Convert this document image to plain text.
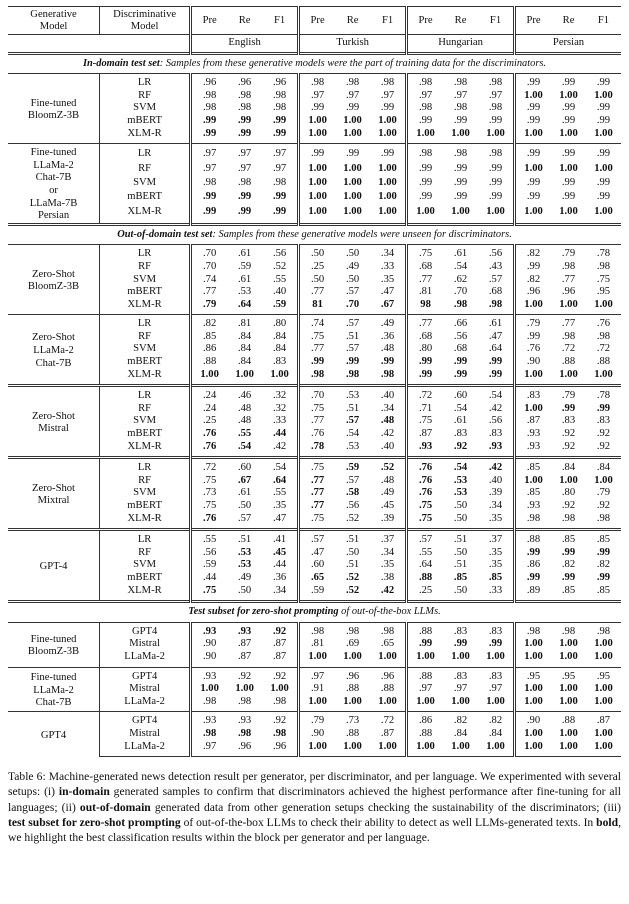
Generative
Model

Discriminative
Model
	Pre	Re	F1	Pre	Re	F1	Pre	Re	F1	Pre	Re	F1
		English			Turkish			Hungarian			Persian		
In-domain test set: Samples from these generative models were the part of training data for the discriminators.													

Fine-tuned
BloomZ-3B	LR	.96	.96	.96	.98	.98	.98	.98	.98	.98	.99	.99	.99
	RF	.98	.98	.98	.97	.97	.97	.97	.97	.97	1.00	1.00	1.00
	SVM	.98	.98	.98	.99	.99	.99	.98	.98	.98	.99	.99	.99
	mBERT	.99	.99	.99	1.00	1.00	1.00	.99	.99	.99	.99	.99	.99
	XLM-R	.99	.99	.99	1.00	1.00	1.00	1.00	1.00	1.00	1.00	1.00	1.00

Fine-tuned
LLaMa-2
Chat-7B
or
LLaMa-7B
Persian
	LR	.97	.97	.97	.99	.99	.99	.98	.98	.98	.99	.99	.99
	RF	.97	.97	.97	1.00	1.00	1.00	.99	.99	.99	1.00	1.00	1.00
	SVM	.98	.98	.98	1.00	1.00	1.00	.99	.99	.99	.99	.99	.99
	mBERT	.99	.99	.99	1.00	1.00	1.00	.99	.99	.99	.99	.99	.99
	XLM-R	.99	.99	.99	1.00	1.00	1.00	1.00	1.00	1.00	1.00	1.00	1.00
Out-of-domain test set: Samples from these generative models were unseen for discriminators.													

Zero-Shot
BloomZ-3B	LR	.70	.61	.56	.50	.50	.34	.75	.61	.56	.82	.79	.78
	RF	.70	.59	.52	.25	.49	.33	.68	.54	.43	.99	.98	.98
	SVM	.74	.61	.55	.50	.50	.35	.77	.62	.57	.82	.77	.75
	mBERT	.77	.53	.40	.77	.57	.47	.81	.70	.68	.96	.96	.95
	XLM-R	.79	.64	.59	81	.70	.67	98	.98	.98	1.00	1.00	1.00

Zero-Shot
LLaMa-2
Chat-7B	LR	.82	.81	.80	.74	.57	.49	.77	.66	.61	.79	.77	.76
	RF	.85	.84	.84	.75	.51	.36	.68	.56	.47	.99	.98	.98
	SVM	.86	.84	.84	.77	.57	.48	.80	.68	.64	.76	.72	.72
	mBERT	.88	.84	.83	.99	.99	.99	.99	.99	.99	.90	.88	.88
	XLM-R	1.00	1.00	1.00	.98	.98	.98	.99	.99	.99	1.00	1.00	1.00

Zero-Shot
Mistral	LR	.24	.46	.32	.70	.53	.40	.72	.60	.54	.83	.79	.78
	RF	.24	.48	.32	.75	.51	.34	.71	.54	.42	1.00	.99	.99
	SVM	.25	.48	.33	.77	.57	.48	.75	.61	.56	.87	.83	.83
	mBERT	.76	.55	.44	.76	.54	.42	.87	.83	.83	.93	.92	.92
	XLM-R	.76	.54	.42	.78	.53	.40	.93	.92	.93	.93	.92	.92

Zero-Shot
Mixtral	LR	.72	.60	.54	.75	.59	.52	.76	.54	.42	.85	.84	.84
	RF	.75	.67	.64	.77	.57	.48	.76	.53	.40	1.00	1.00	1.00
	SVM	.73	.61	.55	.77	.58	.49	.76	.53	.39	.85	.80	.79
	mBERT	.75	.50	.35	.77	.56	.45	.75	.50	.34	.93	.92	.92
	XLM-R	.76	.57	.47	.75	.52	.39	.75	.50	.35	.98	.98	.98

GPT-4	LR	.55	.51	.41	.57	.51	.37	.57	.51	.37	.88	.85	.85
	RF	.56	.53	.45	.47	.50	.34	.55	.50	.35	.99	.99	.99
	SVM	.59	.53	.44	.60	.51	.35	.64	.51	.35	.86	.82	.82
	mBERT	.44	.49	.36	.65	.52	.38	.88	.85	.85	.99	.99	.99
	XLM-R	.75	.50	.34	.59	.52	.42	.25	.50	.33	.89	.85	.85
Test subset for zero-shot prompting of out-of-the-box LLMs.													

Fine-tuned
BloomZ-3B	GPT4	.93	.93	.92	.98	.98	.98	.88	.83	.83	.98	.98	.98
	Mistral	.90	.87	.87	.81	.69	.65	.99	.99	.99	1.00	1.00	1.00
	LLaMa-2	.90	.87	.87	1.00	1.00	1.00	1.00	1.00	1.00	1.00	1.00	1.00

Fine-tuned
LLaMa-2
Chat-7B	GPT4	.93	.92	.92	.97	.96	.96	.88	.83	.83	.95	.95	.95
	Mistral	1.00	1.00	1.00	.91	.88	.88	.97	.97	.97	1.00	1.00	1.00
	LLaMa-2	.98	.98	.98	1.00	1.00	1.00	1.00	1.00	1.00	1.00	1.00	1.00

GPT4	GPT4	.93	.93	.92	.79	.73	.72	.86	.82	.82	.90	.88	.87
	Mistral	.98	.98	.98	.90	.88	.87	.88	.84	.84	1.00	1.00	1.00
	LLaMa-2	.97	.96	.96	1.00	1.00	1.00	1.00	1.00	1.00	1.00	1.00	1.00
Table 6: Machine-generated news detection result per generator, per discriminator, and per language. We experimented with several setups: (i) in-domain generated samples to confirm that discriminators achieved the highest performance after fine-tuning for all languages; (ii) out-of-domain generated data from other generation setups checking the sustainability of the discriminators; (iii) test subset for zero-shot prompting of out-of-the-box LLMs to check their ability to detect as well LLMs-generated texts. In bold, we highlight the best classification results within the block per generator and per language.
